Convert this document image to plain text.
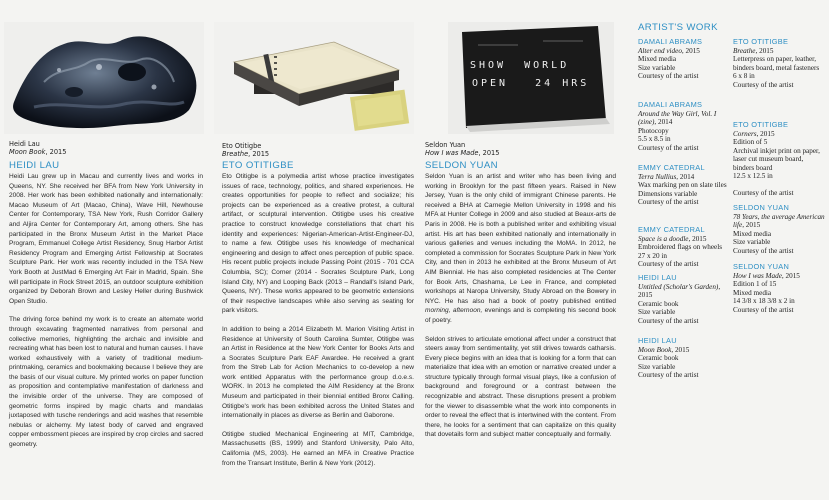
Heidi Lau
Moon Book, 2015
HEIDI LAU

Heidi Lau grew up in Macau and currently lives and works in Queens, NY. She received her BFA from New York University in 2008. Her work has been exhibited nationally and internationally: Macao Museum of Art (Macao, China), Wave Hill, Newhouse Center for Contemporary, TSA New York, Rush Corridor Gallery and Aljira Center for Contemporary Art, among others. She has participated in the Bronx Museum Artist in the Market Place Program, Emmanuel College Artist Residency, Snug Harbor Artist Residency Program and Emerging Artist Fellowship at Socrates Sculpture Park. Her work was recently included in the TSA New York Booth at JustMad 6 Emerging Art Fair in Madrid, Spain. She will participate in Rock Street 2015, an outdoor sculpture exhibition organized by Deborah Brown and Lesley Heller during Bushwick Open Studio.

The driving force behind my work is to create an alternate world through excavating fragmented narratives from personal and collective memories, highlighting the archaic and invisible and recreating what has been lost to natural and human causes. I have worked exhaustively with a variety of traditional medium- printmaking, ceramics and bookmaking because I believe they are the basis of our visual culture. My printed works on paper function as proposition and contemplative manifestation of darkness and the invisible order of the universe. They are composed of geometric forms inspired by magic charts and mandalas juxtaposed with tusche renderings and acid washes that resemble nebulas or alchemy. My latest body of carved and engraved copper embossment pieces are inspired by crop circles and sacred geometry.

Eto Otitigbe
Breathe, 2015
ETO OTITIGBE

Eto Otitigbe is a polymedia artist whose practice investigates issues of race, technology, politics, and shared experiences. He creates opportunities for people to reflect and socialize; his projects can be experienced as a creative protest, a cultural artifact, or sculptural intervention. Otitigbe uses his creative practice to construct knowledge constellations that chart his identity and experiences: Nigerian-American-Artist-Engineer-DJ, to name a few. Otitigbe uses his knowledge of mechanical engineering and design to affect ones perception of public space. His recent public projects include Passing Point (2015 - 701 CCA Columbia, SC); Corner (2014 - Socrates Sculpture Park, Long Island City, NY) and Looping Back (2013 – Randall's Island Park, Queens, NY). These works appeared to be geometric extensions of their respective landscapes while also serving as seating for park visitors.

In addition to being a 2014 Elizabeth M. Marion Visiting Artist in Residence at University of South Carolina Sumter, Otitigbe was an Artist in Residence at the New York Center for Books Arts and a Socrates Sculpture Park EAF Awardee. He received a grant from the Streb Lab for Action Mechanics to co-develop a new work entitled Apparatus with the performance group d.o.e.s. WORK. In 2013 he completed the AIM Residency at the Bronx Museum and participated in their biennial entitled Bronx Calling. Otitigbe's work has been exhibited across the United States and internationally in places as diverse as Berlin and Gaborone.

Otitigbe studied Mechanical Engineering at MIT, Cambridge, Massachusetts (BS, 1999) and Stanford University, Palo Alto, California (MS, 2003). He earned an MFA in Creative Practice from the Transart Institute, Berlin & New York (2012).

SHOW  WORLD
OPEN   24 HRS
Seldon Yuan
How I was Made, 2015
SELDON YUAN

Seldon Yuan is an artist and writer who has been living and working in Brooklyn for the past fifteen years. Raised in New Jersey, Yuan is the only child of immigrant Chinese parents. He received a BHA at Carnegie Mellon University in 1998 and his MFA at Hunter College in 2009 and also studied at Beaux-arts de Paris in 2008. He is both a published writer and exhibiting visual artist. His art has been exhibited nationally and internationally in various galleries and venues including the MoMA. In 2012, he completed a commission for Socrates Sculpture Park in New York City, and then in 2013 he exhibited at the Bronx Museum of Art AIM Biennial. He has also completed residencies at The Center for Book Arts, Chashama, Le Lee in France, and completed workshops at Naropa University, Study Abroad on the Bowery in NYC. He has also had a book of poetry published entitled morning, afternoon, evenings and is completing his second book of poetry.

Seldon strives to articulate emotional affect under a construct that steers away from sentimentality, yet still drives towards catharsis. Every piece begins with an idea that is looking for a form that can materialize that idea with an emotion or narrative created under a structure typically through formal visual plays, like a confusion of background and foreground or a contrast between the recognizable and abstract. These disruptions present a problem for the viewer to disassemble what the work into components in order to reveal the effect that is intertwined with the content. From there, he looks for a sentiment that can capitalize on this quality that dovetails form and subject matter conceptually and formally.

ARTIST'S WORK
DAMALI ABRAMS
Alter end video, 2015
Mixed media
Size variable
Courtesy of the artist
DAMALI ABRAMS
Around the Way Girl, Vol. I (zine), 2014
Photocopy
5.5 x 8.5 in
Courtesy of the artist
EMMY CATEDRAL
Terra Nullius, 2014
Wax marking pen on slate tiles
Dimensions variable
Courtesy of the artist
EMMY CATEDRAL
Space is a doodle, 2015
Embroidered flags on wheels
27 x 20 in
Courtesy of the artist
HEIDI LAU
Untitled (Scholar's Garden), 2015
Ceramic book
Size variable
Courtesy of the artist
HEIDI LAU
Moon Book, 2015
Ceramic book
Size variable
Courtesy of the artist
ETO OTITIGBE
Breathe, 2015
Letterpress on paper, leather, binders board, metal fasteners
6 x 8 in
Courtesy of the artist
ETO OTITIGBE
Corners, 2015
Edition of 5
Archival inkjet print on paper, laser cut museum board, binders board
12.5 x 12.5 in
Courtesy of the artist
SELDON YUAN
78 Years, the average American life, 2015
Mixed media
Size variable
Courtesy of the artist
SELDON YUAN
How I was Made, 2015
Edition 1 of 15
Mixed media
14 3/8 x 18 3/8 x 2 in
Courtesy of the artist
